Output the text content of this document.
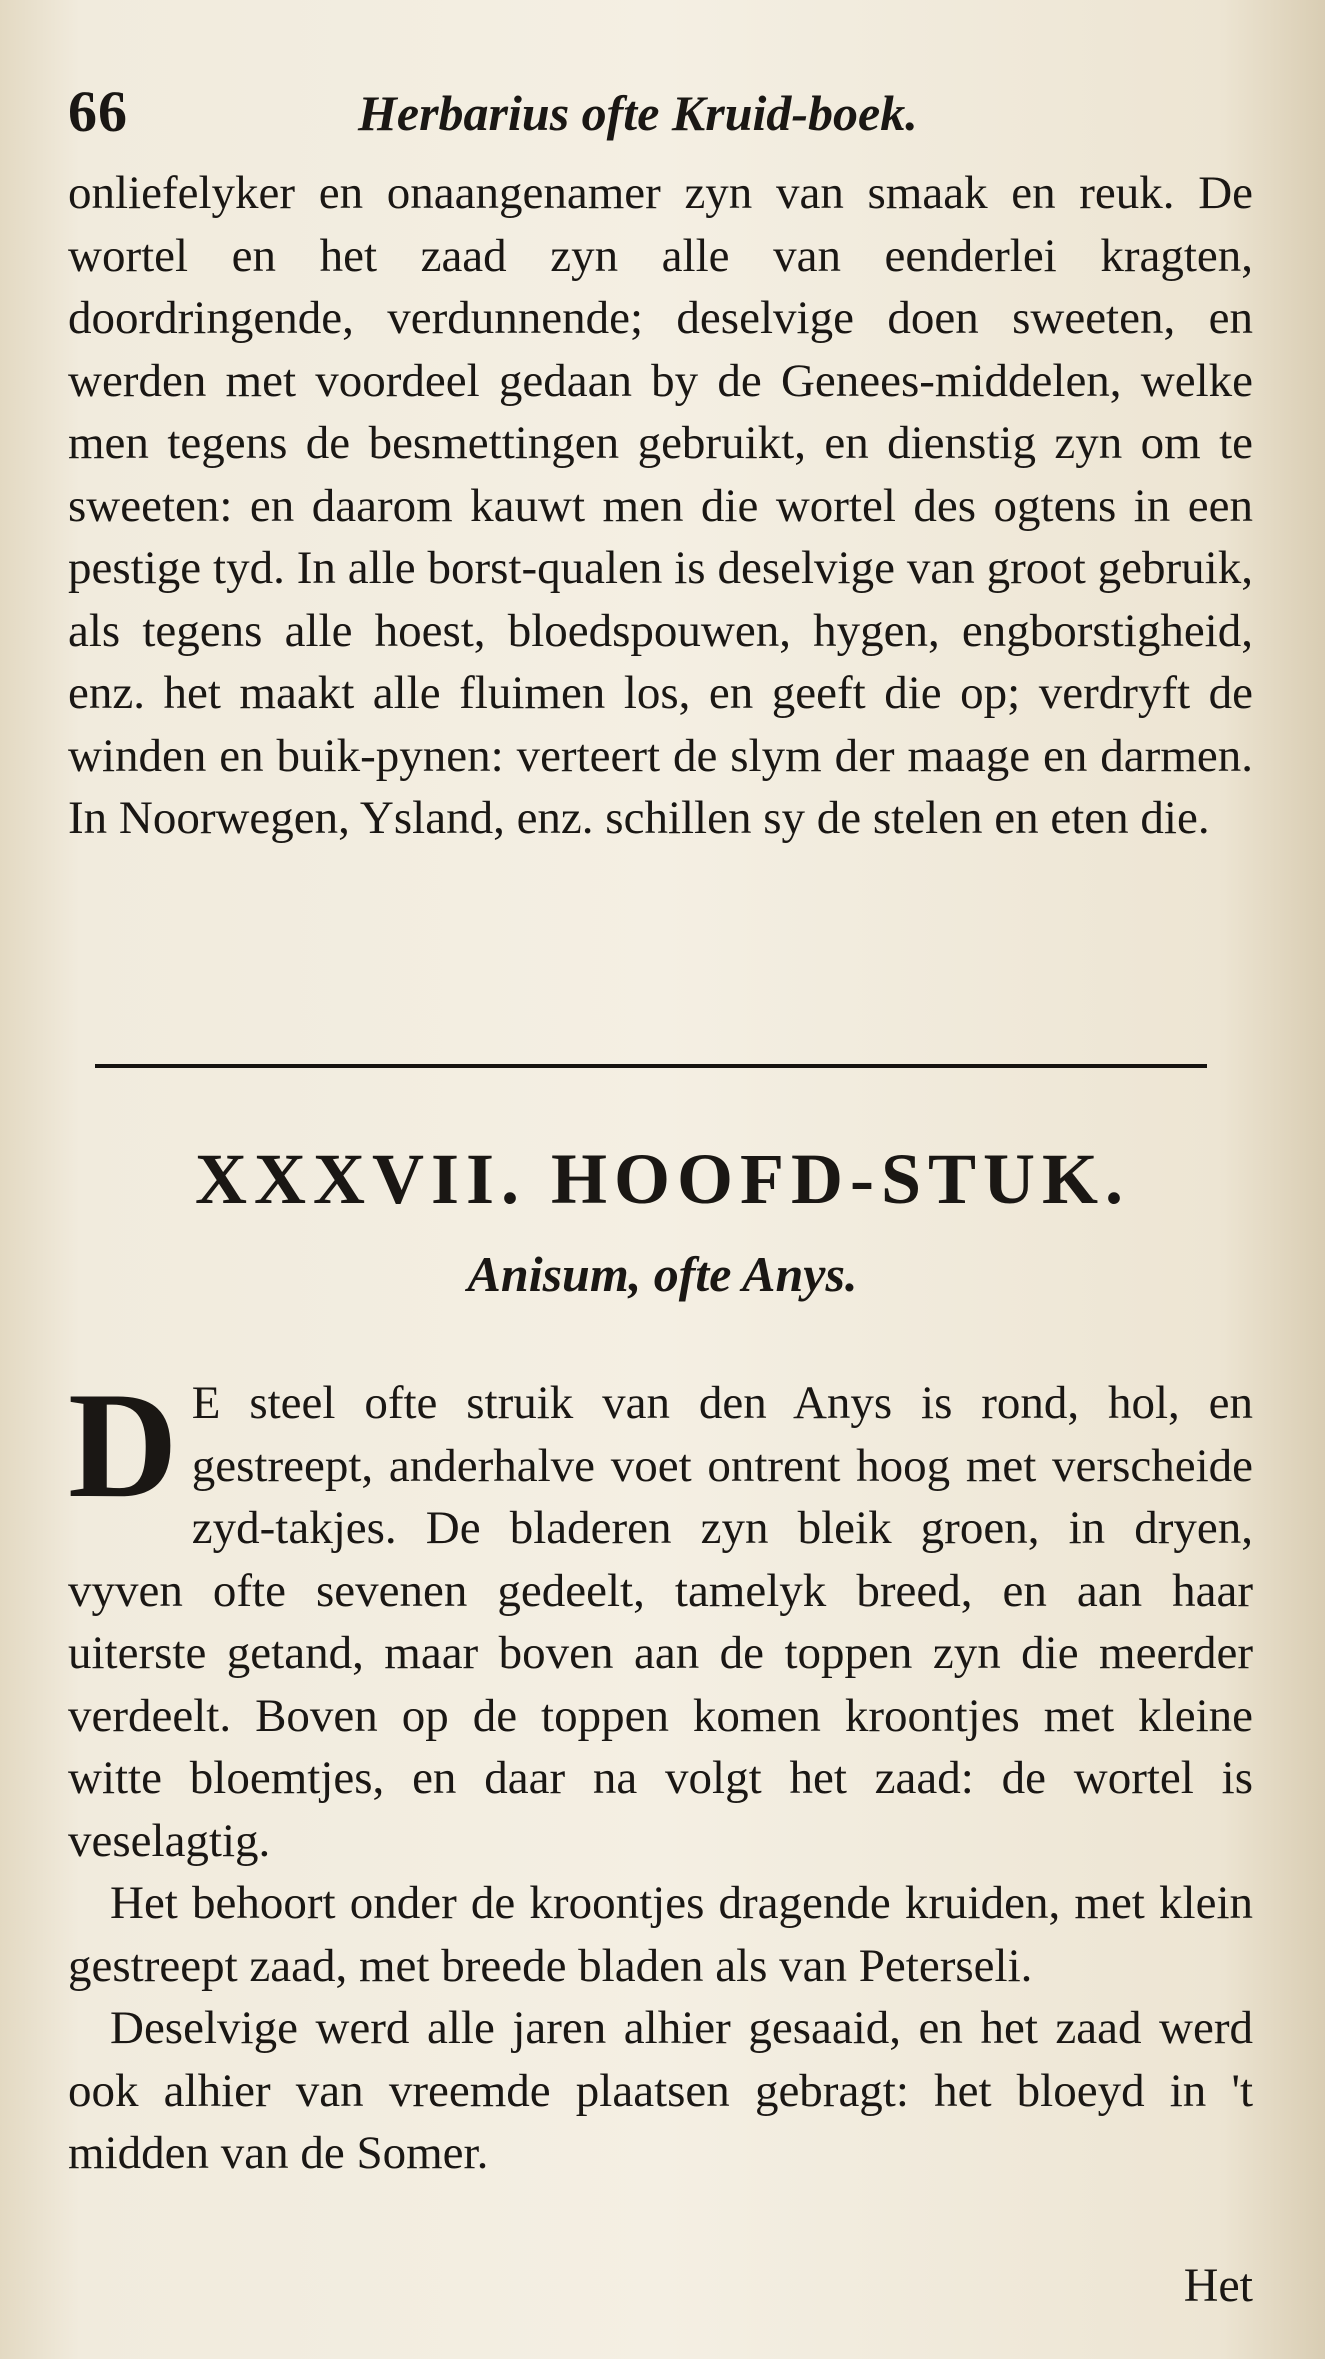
66	Herbarius ofte Kruid-boek.

onliefelyker en onaangenamer zyn van smaak en reuk. De wortel en het zaad zyn alle van eenderlei kragten, doordringende, verdunnende; deselvige doen sweeten, en werden met voordeel gedaan by de Genees-middelen, welke men tegens de besmettingen gebruikt, en dienstig zyn om te sweeten: en daarom kauwt men die wortel des ogtens in een pestige tyd. In alle borst-qualen is deselvige van groot gebruik, als tegens alle hoest, bloedspouwen, hygen, engborstigheid, enz. het maakt alle fluimen los, en geeft die op; verdryft de winden en buik-pynen: verteert de slym der maage en darmen. In Noorwegen, Ysland, enz. schillen sy de stelen en eten die.

XXXVII. HOOFD-STUK.
Anisum, ofte Anys.

D E steel ofte struik van den Anys is rond, hol, en gestreept, anderhalve voet ontrent hoog met verscheide zyd-takjes. De bladeren zyn bleik groen, in dryen, vyven ofte sevenen gedeelt, tamelyk breed, en aan haar uiterste getand, maar boven aan de toppen zyn die meerder verdeelt. Boven op de toppen komen kroontjes met kleine witte bloemtjes, en daar na volgt het zaad: de wortel is veselagtig.

Het behoort onder de kroontjes dragende kruiden, met klein gestreept zaad, met breede bladen als van Peterseli.

Deselvige werd alle jaren alhier gesaaid, en het zaad werd ook alhier van vreemde plaatsen gebragt: het bloeyd in 't midden van de Somer.

Het
